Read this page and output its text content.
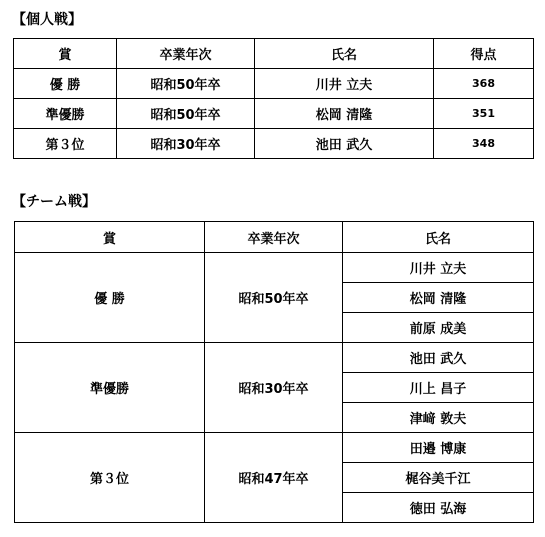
【個人戦】
賞	卒業年次	氏名	得点
優 勝	昭和50年卒	川井 立夫	368
準優勝	昭和50年卒	松岡 清隆	351
第３位	昭和30年卒	池田 武久	348
【チーム戦】
賞	卒業年次	氏名
優 勝	昭和50年卒	川井 立夫
		松岡 清隆
		前原 成美
準優勝	昭和30年卒	池田 武久
		川上 昌子
		津﨑 敦夫
第３位	昭和47年卒	田邉 博康
		梶谷美千江
		徳田 弘海
